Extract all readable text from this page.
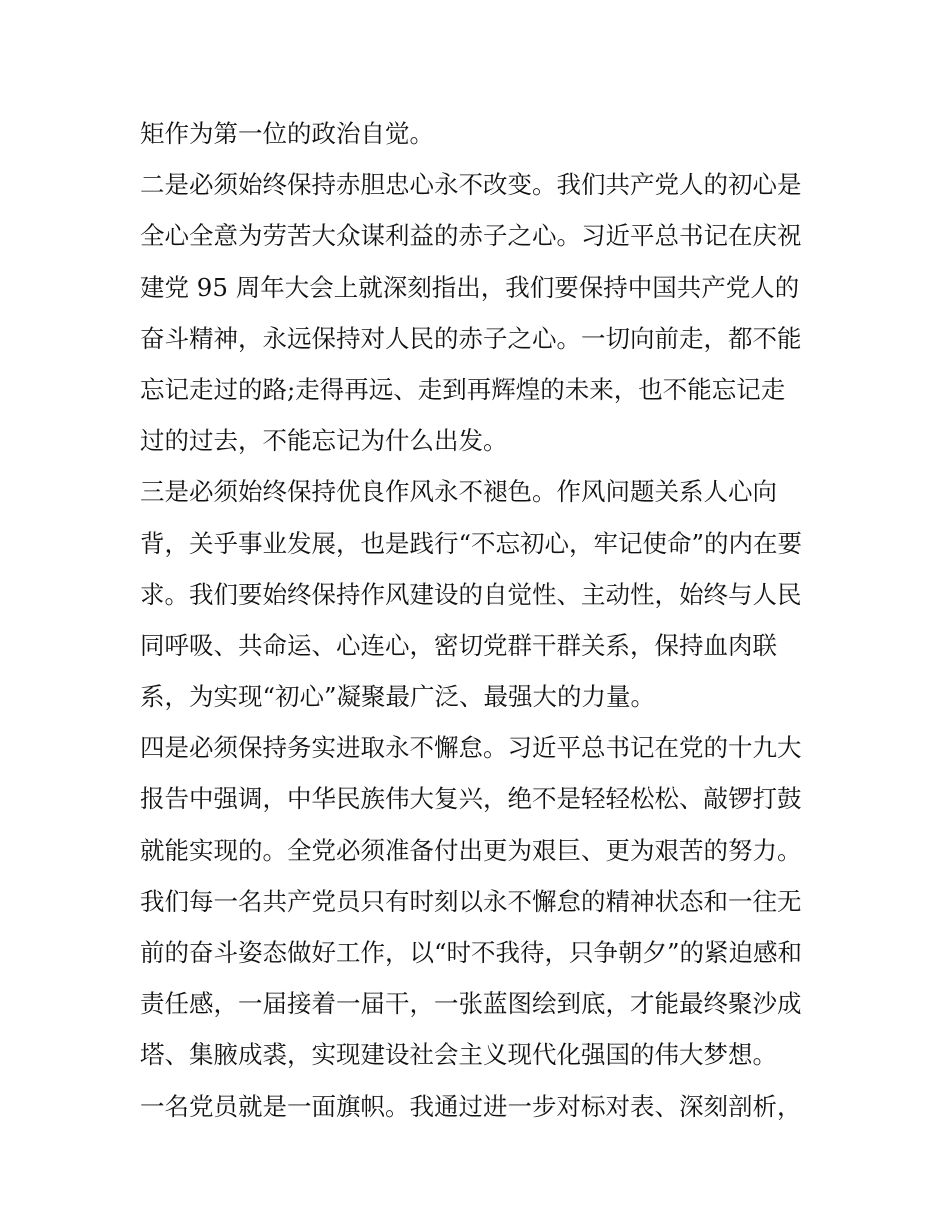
矩作为第一位的政治自觉。
二是必须始终保持赤胆忠心永不改变。我们共产党人的初心是
全心全意为劳苦大众谋利益的赤子之心。习近平总书记在庆祝
建党 95 周年大会上就深刻指出，我们要保持中国共产党人的
奋斗精神，永远保持对人民的赤子之心。一切向前走，都不能
忘记走过的路;走得再远、走到再辉煌的未来，也不能忘记走
过的过去，不能忘记为什么出发。
三是必须始终保持优良作风永不褪色。作风问题关系人心向
背，关乎事业发展，也是践行“不忘初心，牢记使命”的内在要
求。我们要始终保持作风建设的自觉性、主动性，始终与人民
同呼吸、共命运、心连心，密切党群干群关系，保持血肉联
系，为实现“初心”凝聚最广泛、最强大的力量。
四是必须保持务实进取永不懈怠。习近平总书记在党的十九大
报告中强调，中华民族伟大复兴，绝不是轻轻松松、敲锣打鼓
就能实现的。全党必须准备付出更为艰巨、更为艰苦的努力。
我们每一名共产党员只有时刻以永不懈怠的精神状态和一往无
前的奋斗姿态做好工作，以“时不我待，只争朝夕”的紧迫感和
责任感，一届接着一届干，一张蓝图绘到底，才能最终聚沙成
塔、集腋成裘，实现建设社会主义现代化强国的伟大梦想。
一名党员就是一面旗帜。我通过进一步对标对表、深刻剖析，
